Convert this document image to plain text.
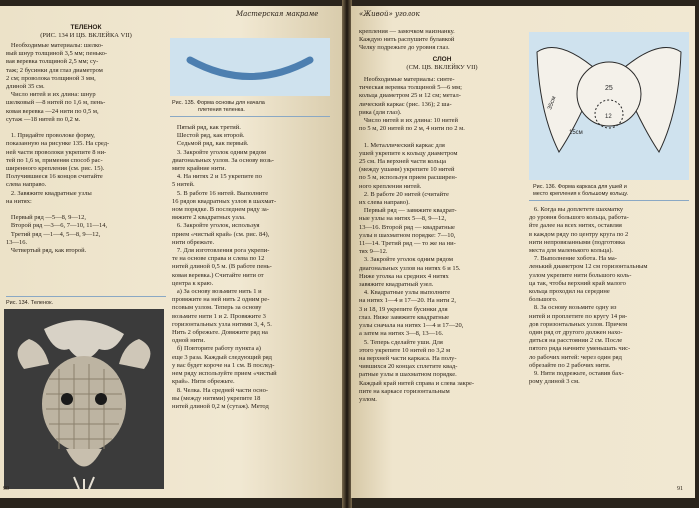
Мастерская макраме
ТЕЛЕНОК
(РИС. 134 И ЦВ. ВКЛЕЙКА VII)
Необходимые материалы: шелко-
вый шнур толщиной 3,5 мм; пенько-
вая веревка толщиной 2,5 мм; су-
таж; 2 бусинки для глаз диаметром
2 см; проволока толщиной 3 мм,
длиной 35 см.
Число нитей и их длина: шнур
шелковый —8 нитей по 1,6 м, пень-
ковая веревка —24 нити по 0,5 м,
сутаж —18 нитей по 0,2 м.

1. Придайте проволоке форму,
показанную на рисунке 135. На сред-
ней части проволоки укрепите 8 ни-
тей по 1,6 м, применяя способ рас-
ширенного крепления (см. рис. 15).
Получившиеся 16 концов считайте
слева направо.
2. Завяжите квадратные узлы
на нитях:

Первый ряд —5—8, 9—12,
Второй ряд —3—6, 7—10, 11—14,
Третий ряд —1—4, 5—8, 9—12,
13—16.
Четвертый ряд, как второй.
Рис. 134. Теленок.
Рис. 135. Форма основы для начала
плетения теленка.
Пятый ряд, как третий.
Шестой ряд, как второй.
Седьмой ряд, как первый.
3. Закройте уголок одним рядом
диагональных узлов. За основу возь-
мите крайние нити.
4. На нитях 2 и 15 укрепите по
5 нитей.
5. В работе 16 нитей. Выполните
16 рядов квадратных узлов в шахмат-
ном порядке. В последнем ряду за-
вяжите 2 квадратных узла.
6. Закройте уголок, используя
прием «чистый край» (см. рис. 84),
нити обрежьте.
7. Для изготовления рога укрепи-
те на основе справа и слева по 12
нитей длиной 0,5 м. (В работе пень-
ковая веревка.) Считайте нити от
центра к краю.
а) За основу возьмите нить 1 и
провяжите на ней нить 2 одним ре-
псовым узлом. Теперь за основу
возьмите нити 1 и 2. Провяжите 3
горизонтальных узла нитями 3, 4, 5.
Нить 2 обрежьте. Довяжите ряд на
одной нити.
б) Повторите работу пункта а)
еще 3 раза. Каждый следующий ряд
у вас будет короче на 1 см. В послед-
нем ряду используйте прием «чистый
край». Нити обрежьте.
8. Челка. На средней части осно-
вы (между нитями) укрепите 18
нитей длиной 0,2 м (сутаж). Метод
90
«Живой» уголок
крепления — замочком наизнанку.
Каждую нить распушите булавкой
Челку подрежьте до уровня глаз.
СЛОН
(СМ. ЦВ. ВКЛЕЙКУ VII)
Необходимые материалы: синте-
тическая веревка толщиной 5—6 мм;
кольца диаметром 25 и 12 см; метал-
лический каркас (рис. 136); 2 ша-
рика (для глаз).
Число нитей и их длина: 10 нитей
по 5 м, 20 нитей по 2 м, 4 нити по 2 м.

1. Металлический каркас для
ушей укрепите к кольцу диаметром
25 см. На верхней части кольца
(между ушами) укрепите 10 нитей
по 5 м, используя прием расширен-
ного крепления нитей.
2. В работе 20 нитей (считайте
их слева направо).
Первый ряд — завяжите квадрат-
ные узлы на нитях 5—8, 9—12,
13—16. Второй ряд — квадратные
узлы в шахматном порядке: 7—10,
11—14. Третий ряд — то же на ни-
тях 9—12.
3. Закройте уголок одним рядом
диагональных узлов на нитях 6 и 15.
Ниже уголка на средних 4 нитях
завяжите квадратный узел.
4. Квадратные узлы выполните
на нитях 1—4 и 17—20. На нити 2,
3 и 18, 19 укрепите бусинки для
глаз. Ниже завяжите квадратные
узлы сначала на нитях 1—4 и 17—20,
а затем на нитях 3—8, 13—16.
5. Теперь сделайте уши. Для
этого укрепите 10 нитей по 3,2 м
на верхней части каркаса. На полу-
чившихся 20 концах сплетите квад-
ратные узлы в шахматном порядке.
Каждый край нитей справа и слева закре-
пите на каркасе горизонтальным
узлом.
25
12
35см
15см
Рис. 136. Форма каркаса для ушей и
место крепления к большому кольцу.
6. Когда вы доплетете шахматку
до уровня большого кольца, работа-
йте далее на всех нитях, оставляя
в каждом ряду по центру круга по 2
нити непровязанными (подготовка
места для маленького кольца).
7. Выполнение хобота. На ма-
ленький диаметром 12 см горизонтальным
узлом укрепите нити большого коль-
ца так, чтобы верхний край малого
кольца проходил на середине
большого.
8. За основу возьмите одну из
нитей и проплетите по кругу 14 ря-
дов горизонтальных узлов. Причем
один ряд от другого должен нахо-
диться на расстоянии 2 см. После
пятого ряда начните уменьшать чис-
ло рабочих нитей: через один ряд
обрезайте по 2 рабочих нити.
9. Нити подрежьте, оставив бах-
рому длиной 3 см.
91
